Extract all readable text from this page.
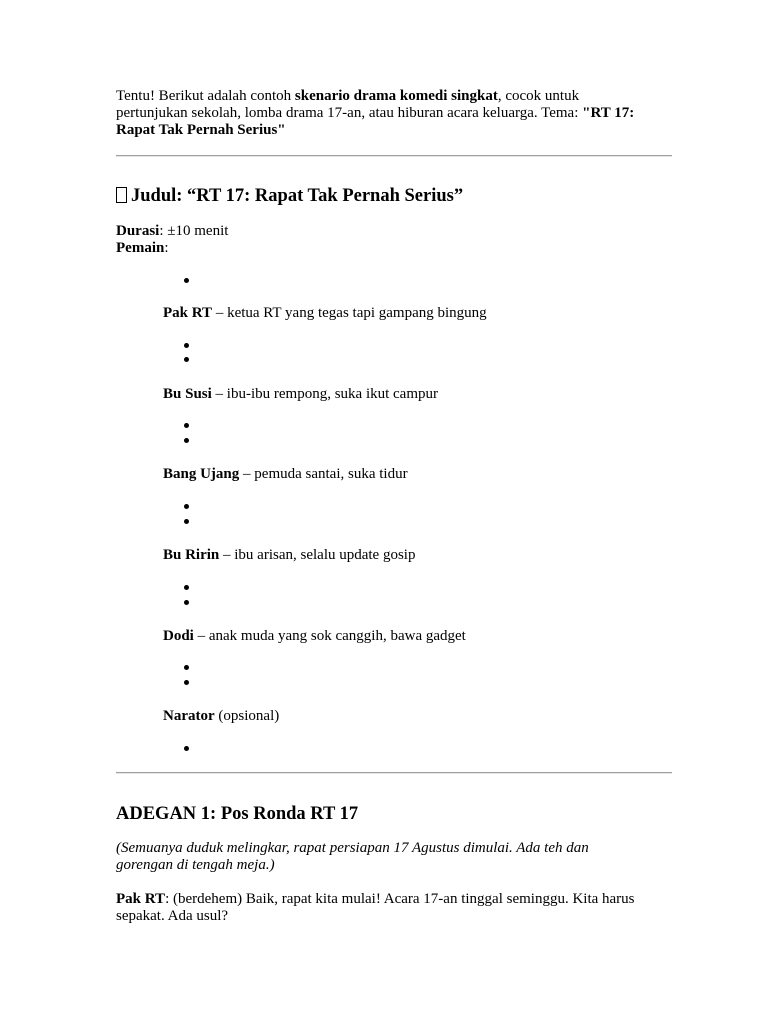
Tentu! Berikut adalah contoh skenario drama komedi singkat, cocok untuk pertunjukan sekolah, lomba drama 17-an, atau hiburan acara keluarga. Tema: "RT 17: Rapat Tak Pernah Serius"
Judul: “RT 17: Rapat Tak Pernah Serius”
Durasi: ±10 menit
Pemain:
Pak RT – ketua RT yang tegas tapi gampang bingung
Bu Susi – ibu-ibu rempong, suka ikut campur
Bang Ujang – pemuda santai, suka tidur
Bu Ririn – ibu arisan, selalu update gosip
Dodi – anak muda yang sok canggih, bawa gadget
Narator (opsional)
ADEGAN 1: Pos Ronda RT 17
(Semuanya duduk melingkar, rapat persiapan 17 Agustus dimulai. Ada teh dan gorengan di tengah meja.)
Pak RT: (berdehem) Baik, rapat kita mulai! Acara 17-an tinggal seminggu. Kita harus sepakat. Ada usul?
